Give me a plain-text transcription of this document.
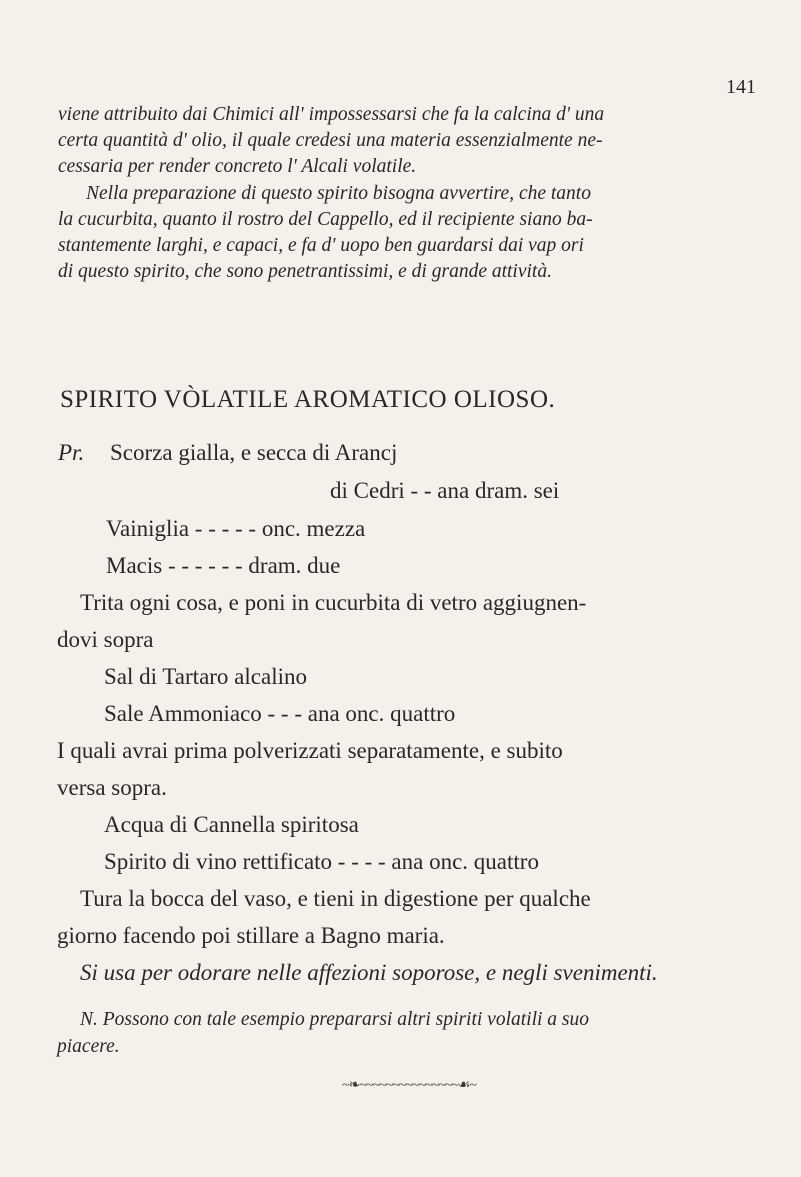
141
viene attribuito dai Chimici all' impossessarsi che fa la calcina d' una
certa quantità d' olio, il quale credesi una materia essenzialmente ne-
cessaria per render concreto l' Alcali volatile.
Nella preparazione di questo spirito bisogna avvertire, che tanto
la cucurbita, quanto il rostro del Cappello, ed il recipiente siano ba-
stantemente larghi, e capaci, e fa d' uopo ben guardarsi dai vap ori
di questo spirito, che sono penetrantissimi, e di grande attività.
SPIRITO VÒLATILE AROMATICO OLIOSO.
Pr. Scorza gialla, e secca di Arancj
di Cedri - - ana dram. sei
Vainiglia - - - - - onc. mezza
Macis - - - - - - dram. due
Trita ogni cosa, e poni in cucurbita di vetro aggiugnen-
dovi sopra
Sal di Tartaro alcalino
Sale Ammoniaco - - - ana onc. quattro
I quali avrai prima polverizzati separatamente, e subito
versa sopra.
Acqua di Cannella spiritosa
Spirito di vino rettificato - - - - ana onc. quattro
Tura la bocca del vaso, e tieni in digestione per qualche
giorno facendo poi stillare a Bagno maria.
Si usa per odorare nelle affezioni soporose, e negli svenimenti.
N. Possono con tale esempio prepararsi altri spiriti volatili a suo
piacere.
~❧~~~~~~~~~~~~~~~☙~
